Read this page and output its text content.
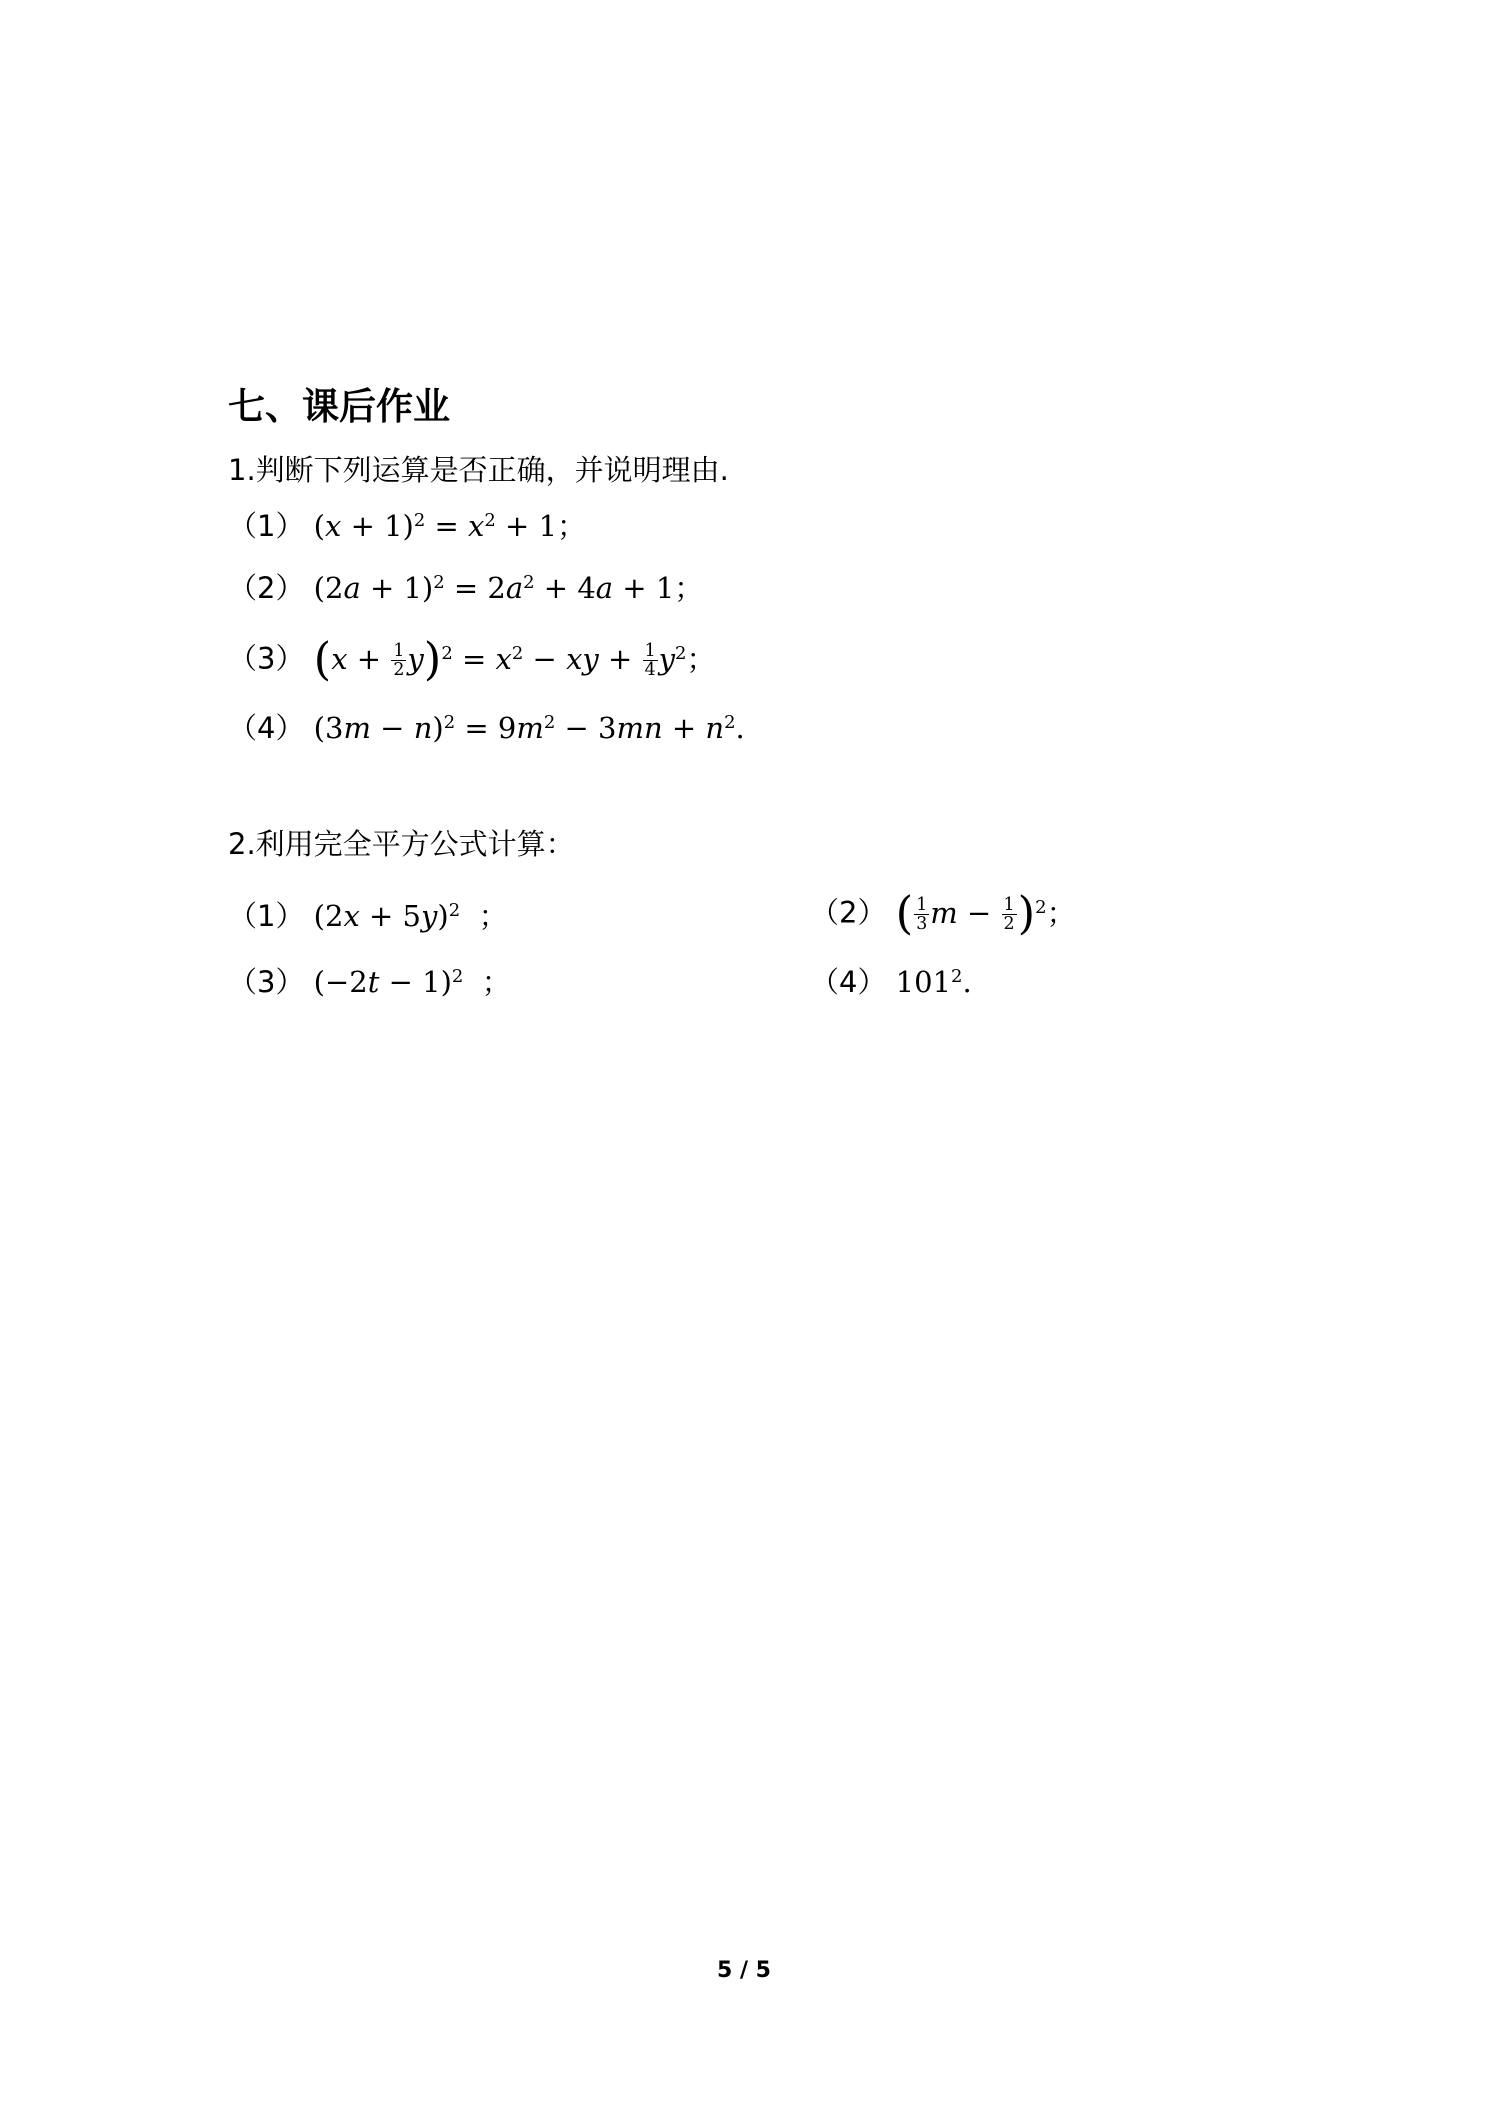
七、课后作业
1.判断下列运算是否正确，并说明理由.
（1） $(x + 1)^2 = x^2 + 1$；
（2） $(2a + 1)^2 = 2a^2 + 4a + 1$；
（3） $(x + \frac{1}{2} y)^2 = x^2$ − xy + $\frac{1}{4} y^2$；
（4） $(3m - n)^2 = 9m^2 - 3mn + n^2$.
2.利用完全平方公式计算：
（1） $(2x + 5y)^2$  ；	（2） ( $\frac{1}{3}$ $m - \frac{1}{2} )^2$；
（3） $(-2t - 1)^2$  ；	（4） $101^2$.
5 / 5
